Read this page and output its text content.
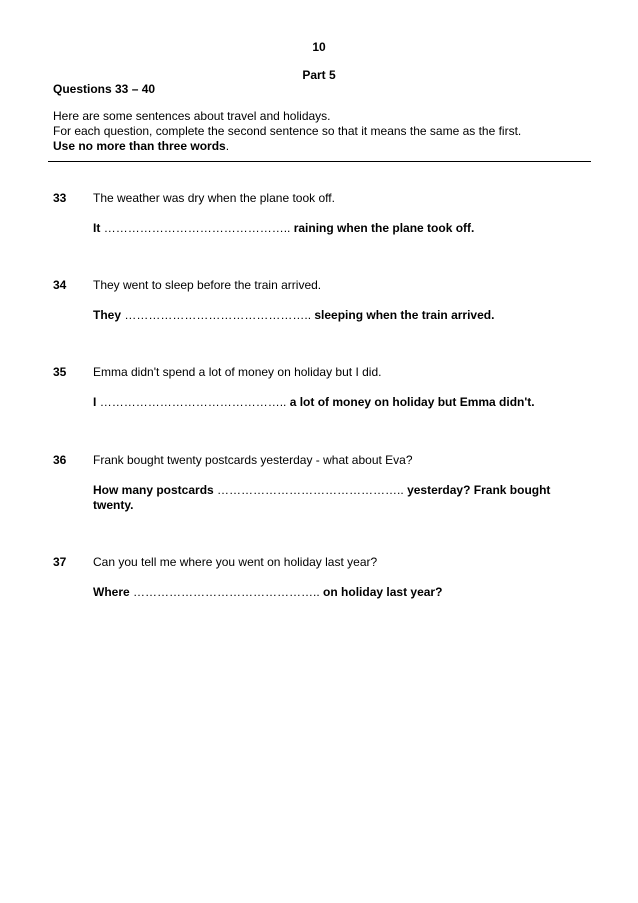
10
Part 5
Questions 33 – 40
Here are some sentences about travel and holidays.
For each question, complete the second sentence so that it means the same as the first.
Use no more than three words.
33 The weather was dry when the plane took off.
It ……………………………………….. raining when the plane took off.
34 They went to sleep before the train arrived.
They ……………………………………….. sleeping when the train arrived.
35 Emma didn't spend a lot of money on holiday but I did.
I ……………………………………….. a lot of money on holiday but Emma didn't.
36 Frank bought twenty postcards yesterday - what about Eva?
How many postcards ……………………………………….. yesterday? Frank bought twenty.
37 Can you tell me where you went on holiday last year?
Where ……………………………………….. on holiday last year?
